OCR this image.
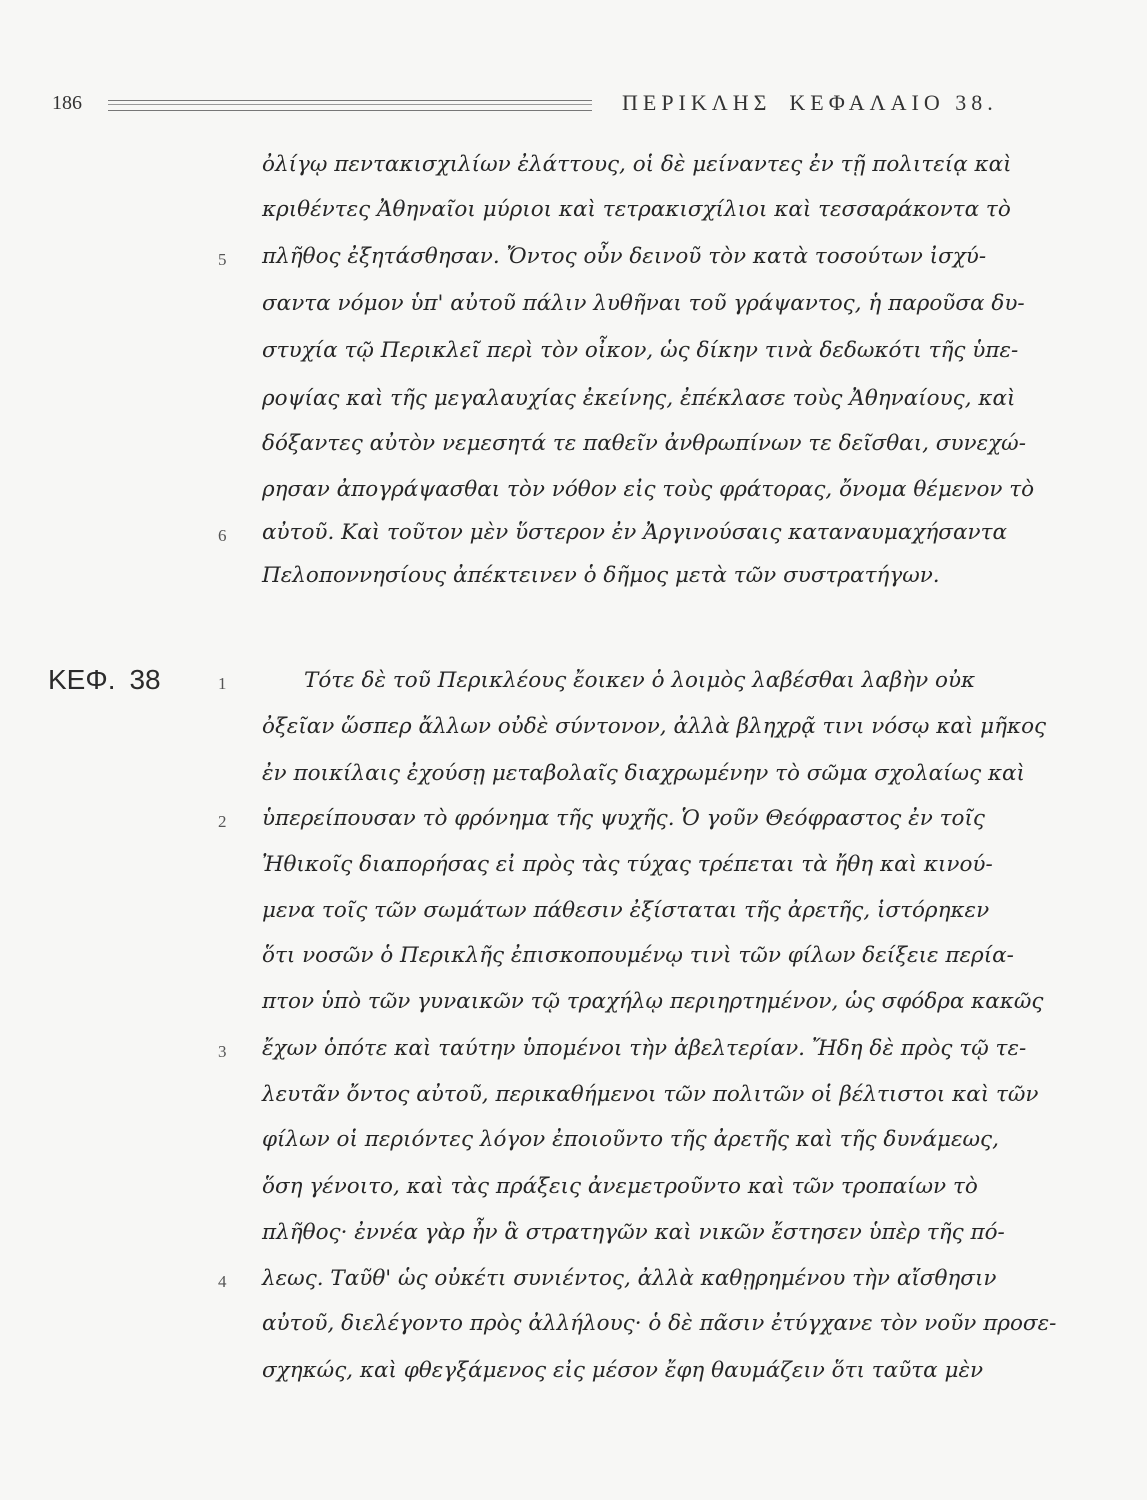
186	ΠΕΡΙΚΛΗΣ ΚΕΦΑΛΑΙΟ 38.
ΚΕΦ. 38
ὀλίγῳ πεντακισχιλίων ἐλάττους, οἱ δὲ μείναντες ἐν τῇ πολιτείᾳ καὶ
κριθέντες Ἀθηναῖοι μύριοι καὶ τετρακισχίλιοι καὶ τεσσαράκοντα τὸ
πλῆθος ἐξητάσθησαν. Ὄντος οὖν δεινοῦ τὸν κατὰ τοσούτων ἰσχύ-
5
σαντα νόμον ὑπ' αὐτοῦ πάλιν λυθῆναι τοῦ γράψαντος, ἡ παροῦσα δυ-
στυχία τῷ Περικλεῖ περὶ τὸν οἶκον, ὡς δίκην τινὰ δεδωκότι τῆς ὑπε-
ροψίας καὶ τῆς μεγαλαυχίας ἐκείνης, ἐπέκλασε τοὺς Ἀθηναίους, καὶ
δόξαντες αὐτὸν νεμεσητά τε παθεῖν ἀνθρωπίνων τε δεῖσθαι, συνεχώ-
ρησαν ἀπογράψασθαι τὸν νόθον εἰς τοὺς φράτορας, ὄνομα θέμενον τὸ
αὐτοῦ. Καὶ τοῦτον μὲν ὕστερον ἐν Ἀργινούσαις καταναυμαχήσαντα
6
Πελοποννησίους ἀπέκτεινεν ὁ δῆμος μετὰ τῶν συστρατήγων.
Τότε δὲ τοῦ Περικλέους ἔοικεν ὁ λοιμὸς λαβέσθαι λαβὴν οὐκ
1
ὀξεῖαν ὥσπερ ἄλλων οὐδὲ σύντονον, ἀλλὰ βληχρᾷ τινι νόσῳ καὶ μῆκος
ἐν ποικίλαις ἐχούσῃ μεταβολαῖς διαχρωμένην τὸ σῶμα σχολαίως καὶ
ὑπερείπουσαν τὸ φρόνημα τῆς ψυχῆς. Ὁ γοῦν Θεόφραστος ἐν τοῖς
2
Ἠθικοῖς διαπορήσας εἰ πρὸς τὰς τύχας τρέπεται τὰ ἤθη καὶ κινού-
μενα τοῖς τῶν σωμάτων πάθεσιν ἐξίσταται τῆς ἀρετῆς, ἱστόρηκεν
ὅτι νοσῶν ὁ Περικλῆς ἐπισκοπουμένῳ τινὶ τῶν φίλων δείξειε περία-
πτον ὑπὸ τῶν γυναικῶν τῷ τραχήλῳ περιηρτημένον, ὡς σφόδρα κακῶς
ἔχων ὁπότε καὶ ταύτην ὑπομένοι τὴν ἀβελτερίαν. Ἤδη δὲ πρὸς τῷ τε-
3
λευτᾶν ὄντος αὐτοῦ, περικαθήμενοι τῶν πολιτῶν οἱ βέλτιστοι καὶ τῶν
φίλων οἱ περιόντες λόγον ἐποιοῦντο τῆς ἀρετῆς καὶ τῆς δυνάμεως,
ὅση γένοιτο, καὶ τὰς πράξεις ἀνεμετροῦντο καὶ τῶν τροπαίων τὸ
πλῆθος· ἐννέα γὰρ ἦν ἃ στρατηγῶν καὶ νικῶν ἔστησεν ὑπὲρ τῆς πό-
λεως. Ταῦθ' ὡς οὐκέτι συνιέντος, ἀλλὰ καθῃρημένου τὴν αἴσθησιν
4
αὐτοῦ, διελέγοντο πρὸς ἀλλήλους· ὁ δὲ πᾶσιν ἐτύγχανε τὸν νοῦν προσε-
σχηκώς, καὶ φθεγξάμενος εἰς μέσον ἔφη θαυμάζειν ὅτι ταῦτα μὲν
